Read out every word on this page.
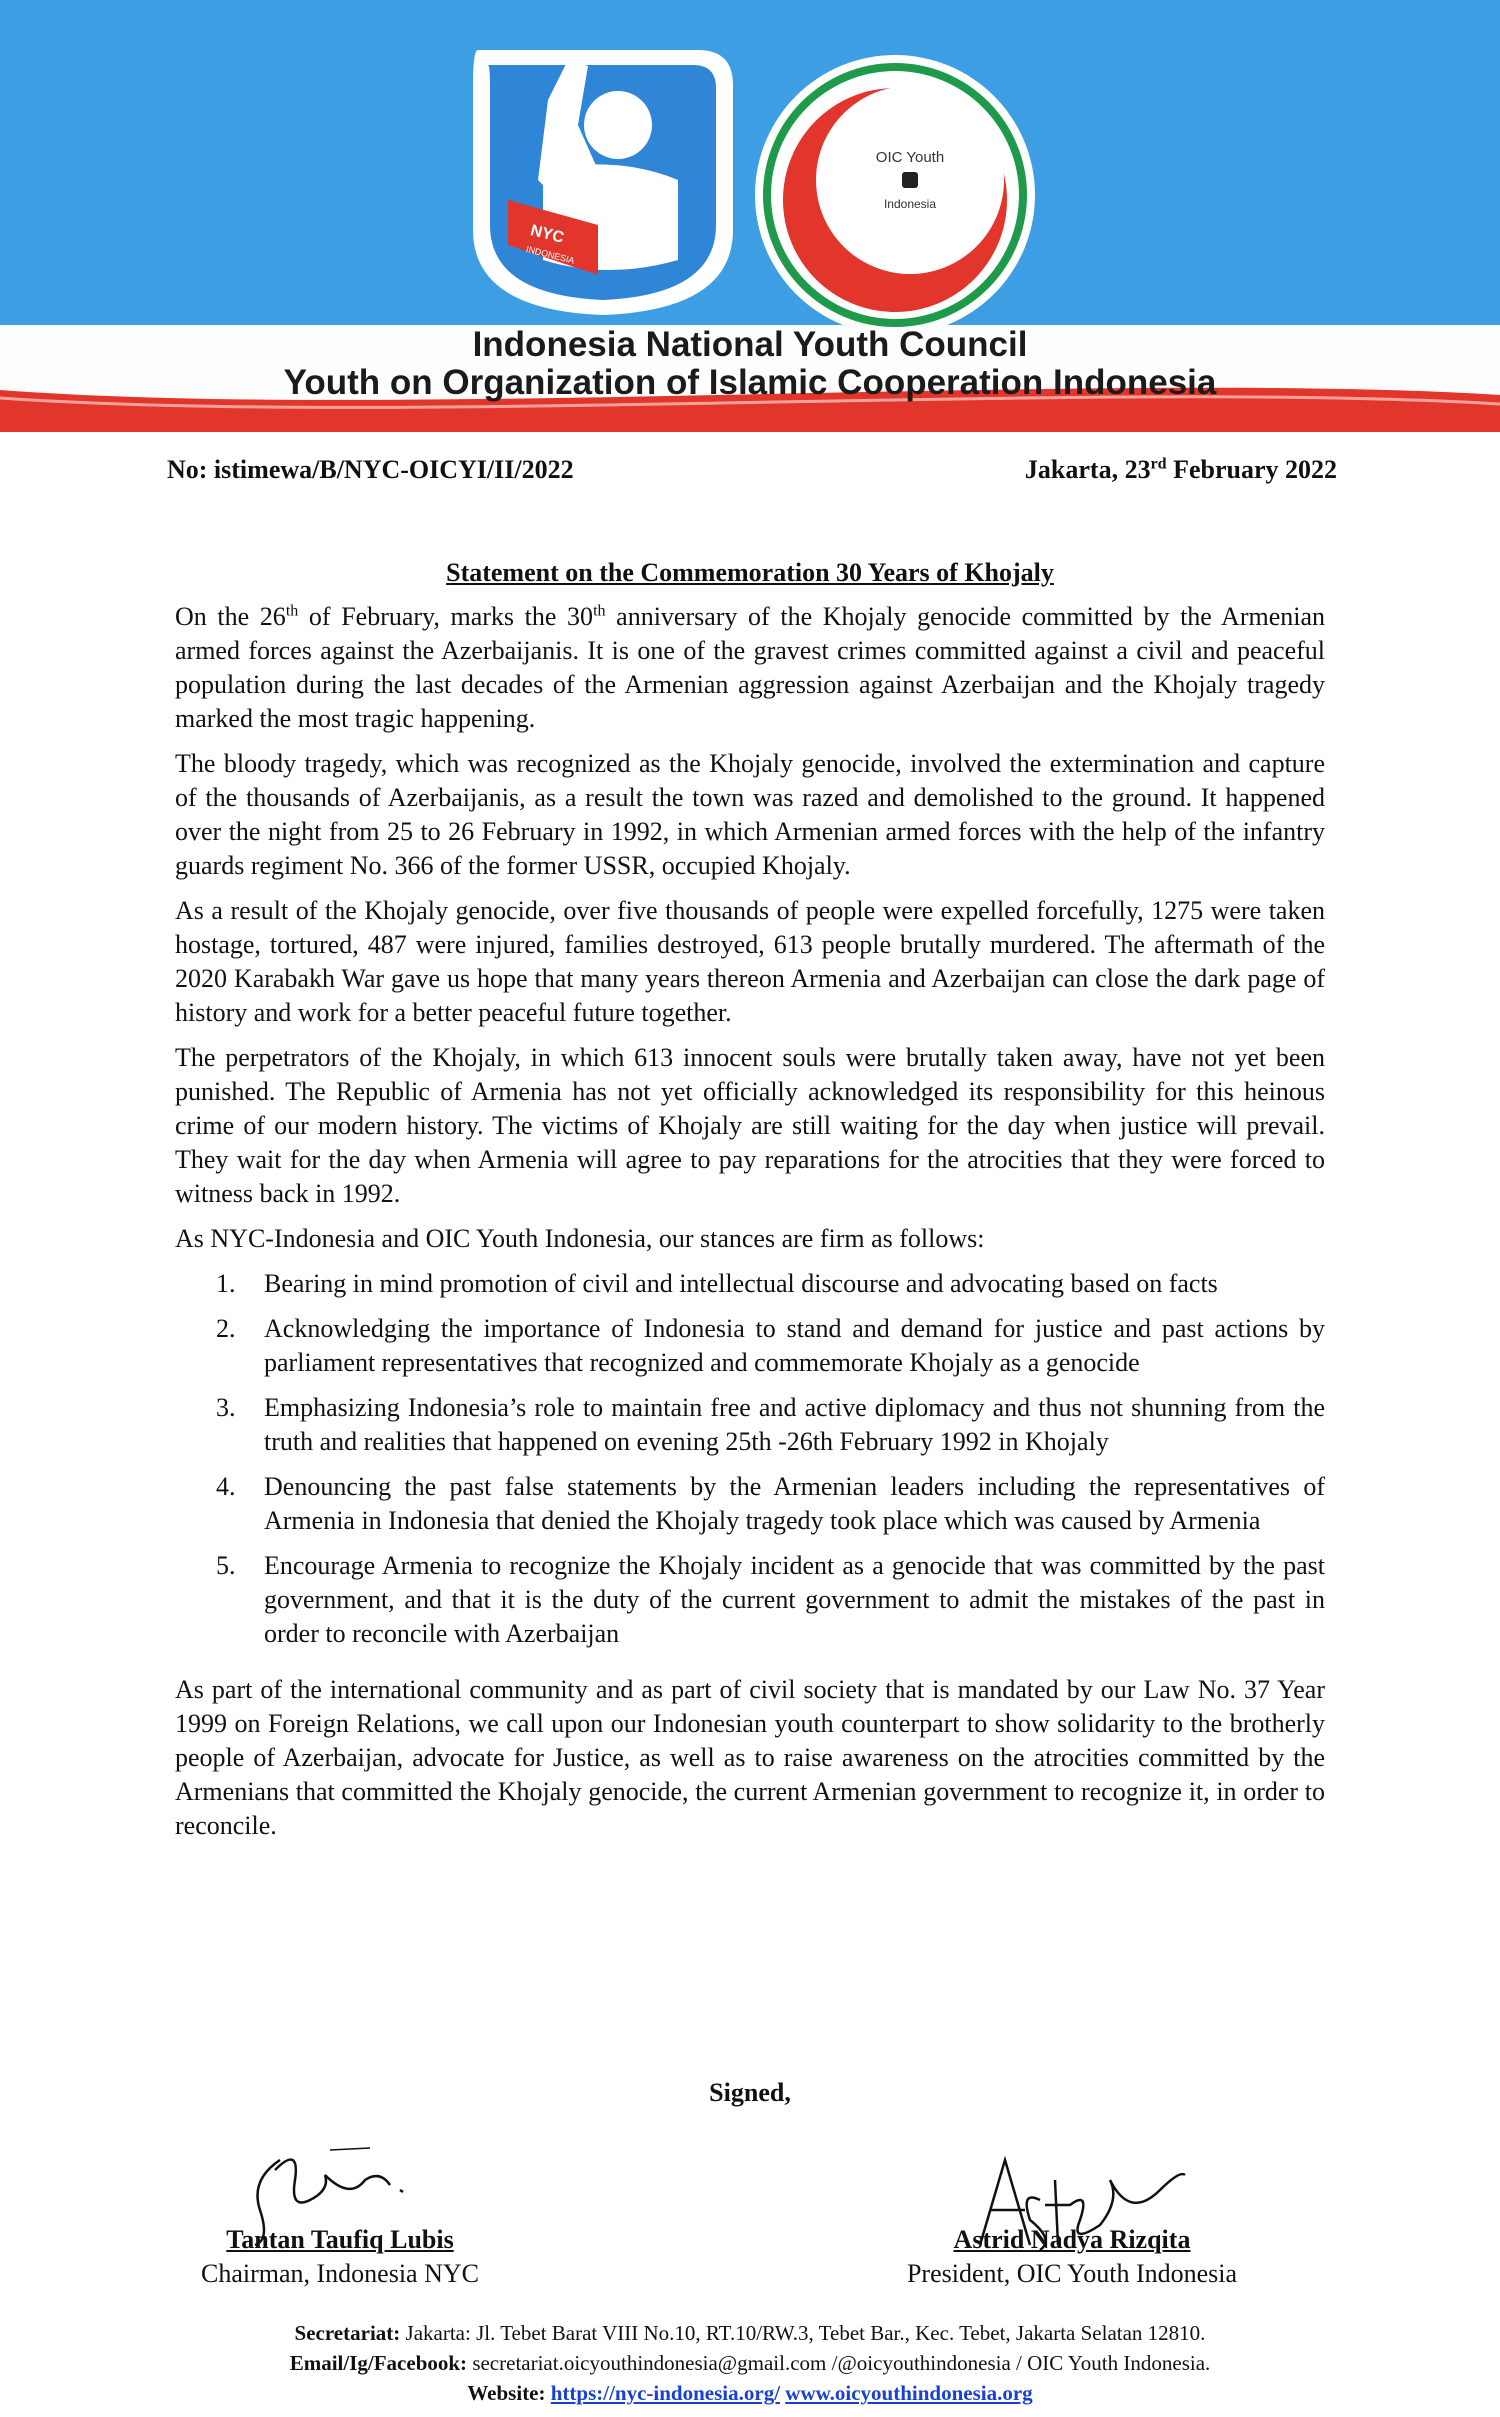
NYC
INDONESIA
OIC Youth
Indonesia
Indonesia National Youth Council
Youth on Organization of Islamic Cooperation Indonesia
No: istimewa/B/NYC-OICYI/II/2022	Jakarta, 23rd February 2022
Statement on the Commemoration 30 Years of Khojaly

On the 26th of February, marks the 30th anniversary of the Khojaly genocide committed by the Armenian armed forces against the Azerbaijanis. It is one of the gravest crimes committed against a civil and peaceful population during the last decades of the Armenian aggression against Azerbaijan and the Khojaly tragedy marked the most tragic happening.

The bloody tragedy, which was recognized as the Khojaly genocide, involved the extermination and capture of the thousands of Azerbaijanis, as a result the town was razed and demolished to the ground. It happened over the night from 25 to 26 February in 1992, in which Armenian armed forces with the help of the infantry guards regiment No. 366 of the former USSR, occupied Khojaly.

As a result of the Khojaly genocide, over five thousands of people were expelled forcefully, 1275 were taken hostage, tortured, 487 were injured, families destroyed, 613 people brutally murdered. The aftermath of the 2020 Karabakh War gave us hope that many years thereon Armenia and Azerbaijan can close the dark page of history and work for a better peaceful future together.

The perpetrators of the Khojaly, in which 613 innocent souls were brutally taken away, have not yet been punished. The Republic of Armenia has not yet officially acknowledged its responsibility for this heinous crime of our modern history. The victims of Khojaly are still waiting for the day when justice will prevail. They wait for the day when Armenia will agree to pay reparations for the atrocities that they were forced to witness back in 1992.

As NYC-Indonesia and OIC Youth Indonesia, our stances are firm as follows:

1. Bearing in mind promotion of civil and intellectual discourse and advocating based on facts
2. Acknowledging the importance of Indonesia to stand and demand for justice and past actions by parliament representatives that recognized and commemorate Khojaly as a genocide
3. Emphasizing Indonesia’s role to maintain free and active diplomacy and thus not shunning from the truth and realities that happened on evening 25th -26th February 1992 in Khojaly
4. Denouncing the past false statements by the Armenian leaders including the representatives of Armenia in Indonesia that denied the Khojaly tragedy took place which was caused by Armenia
5. Encourage Armenia to recognize the Khojaly incident as a genocide that was committed by the past government, and that it is the duty of the current government to admit the mistakes of the past in order to reconcile with Azerbaijan

As part of the international community and as part of civil society that is mandated by our Law No. 37 Year 1999 on Foreign Relations, we call upon our Indonesian youth counterpart to show solidarity to the brotherly people of Azerbaijan, advocate for Justice, as well as to raise awareness on the atrocities committed by the Armenians that committed the Khojaly genocide, the current Armenian government to recognize it, in order to reconcile.

Signed,
Tantan Taufiq Lubis
Chairman, Indonesia NYC
Astrid Nadya Rizqita
President, OIC Youth Indonesia
Secretariat: Jakarta: Jl. Tebet Barat VIII No.10, RT.10/RW.3, Tebet Bar., Kec. Tebet, Jakarta Selatan 12810.
Email/Ig/Facebook: secretariat.oicyouthindonesia@gmail.com /@oicyouthindonesia / OIC Youth Indonesia.
Website: https://nyc-indonesia.org/ www.oicyouthindonesia.org
